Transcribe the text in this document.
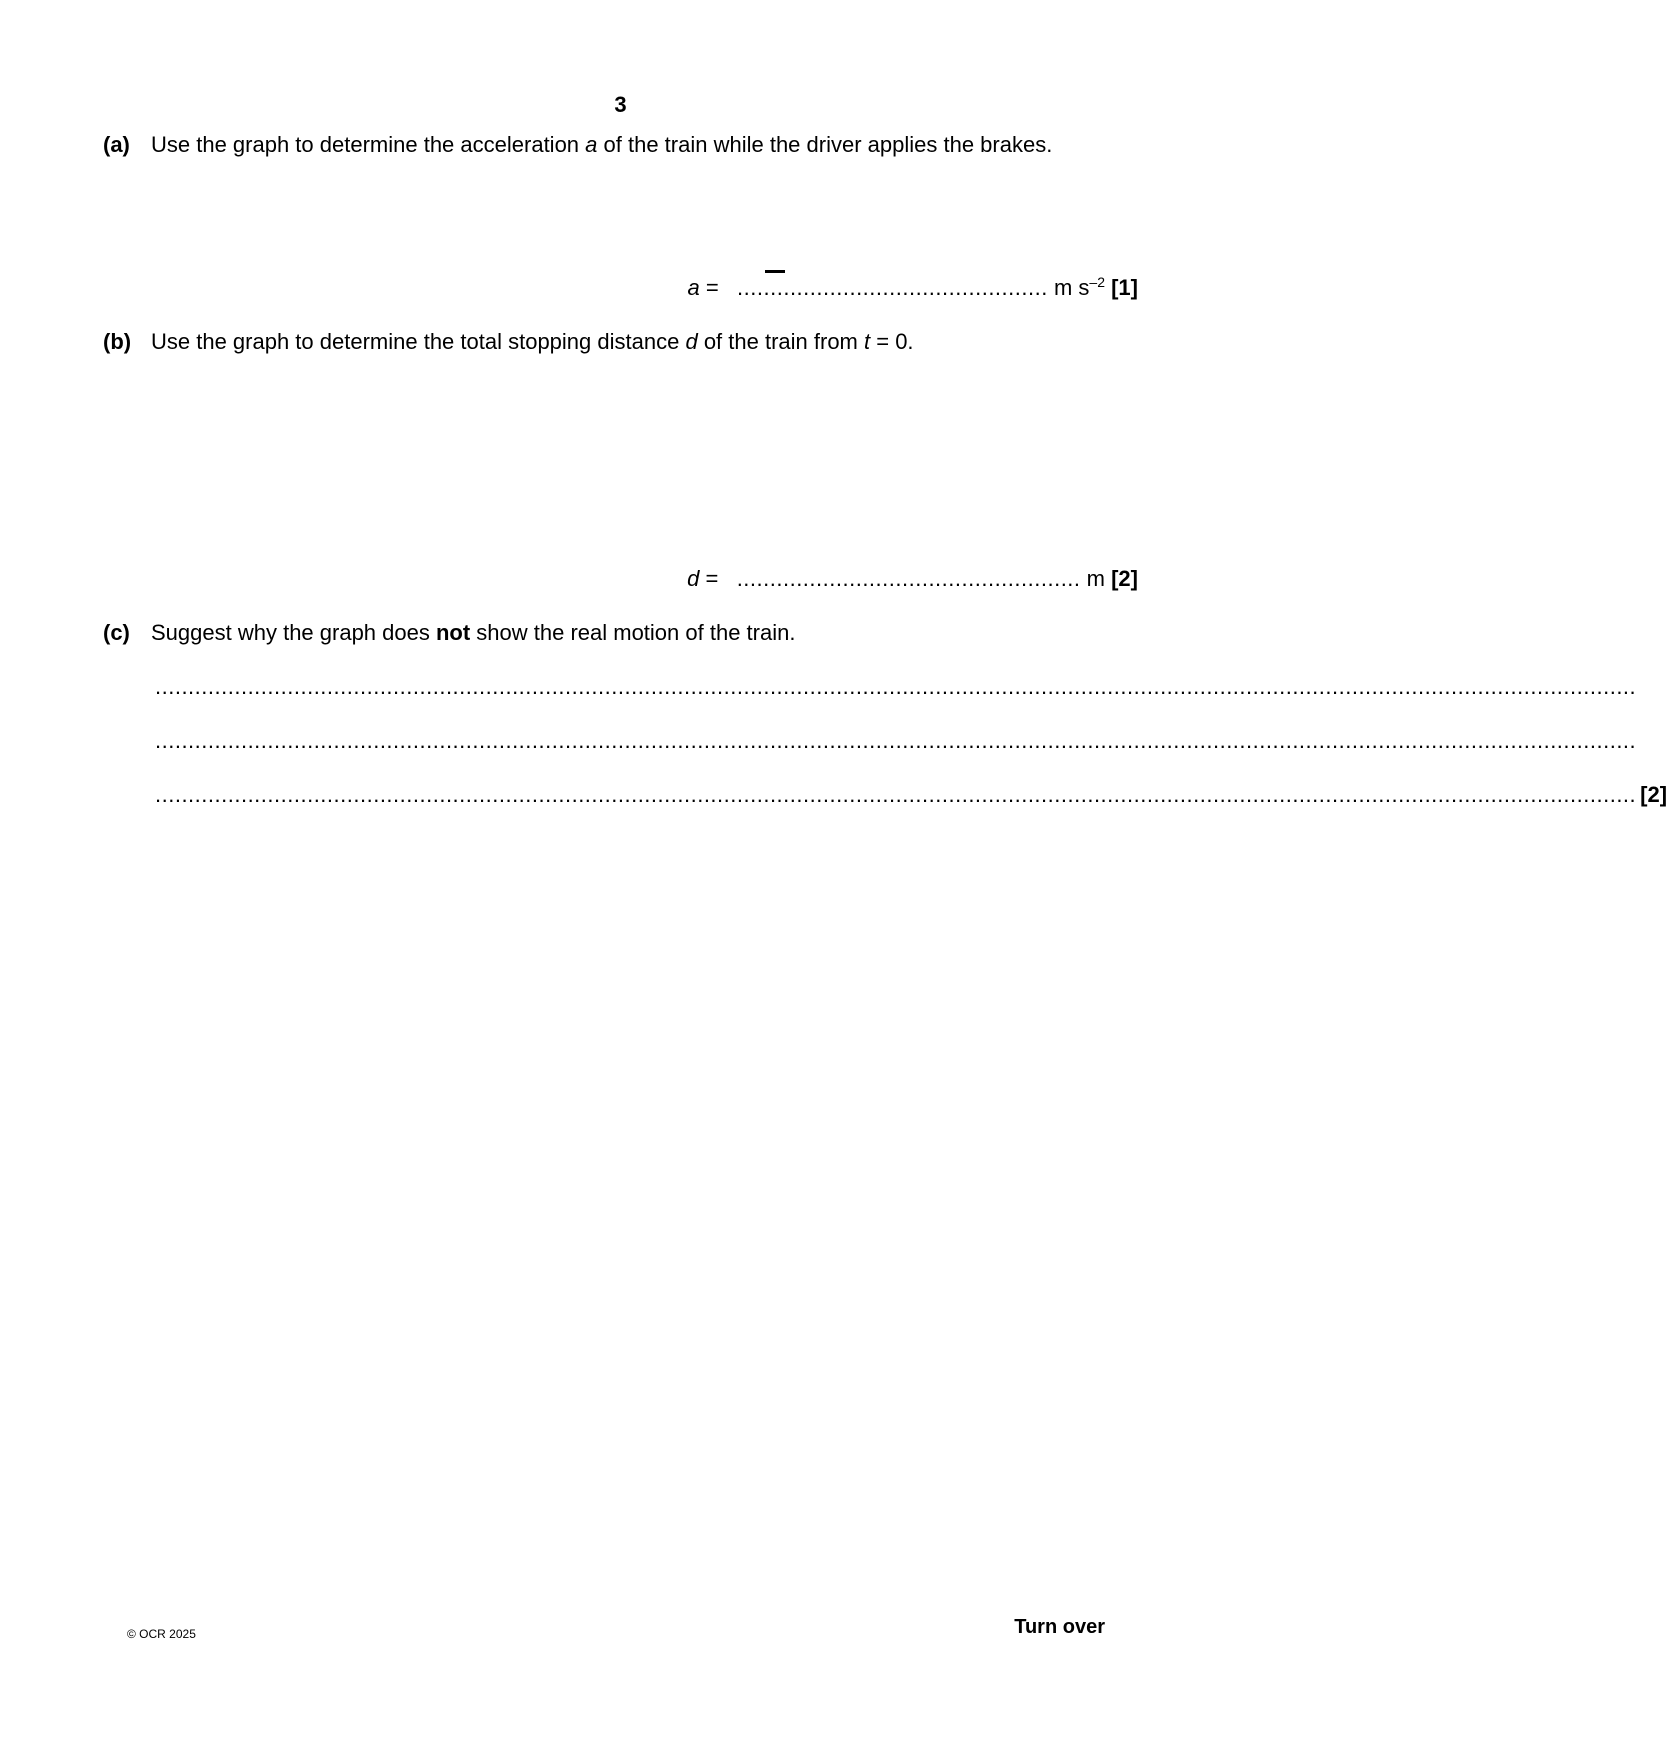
3
(a) Use the graph to determine the acceleration a of the train while the driver applies the brakes.
a =   ............................................... m $s^{-2}$ [1]
(b) Use the graph to determine the total stopping distance d of the train from t = 0.
d =   .................................................... m [2]
(c) Suggest why the graph does not show the real motion of the train.
................................................................................................................................................................................................................................
................................................................................................................................................................................................................................
................................................................................................................................................................................................................................ [2]
© OCR 2025	Turn over
